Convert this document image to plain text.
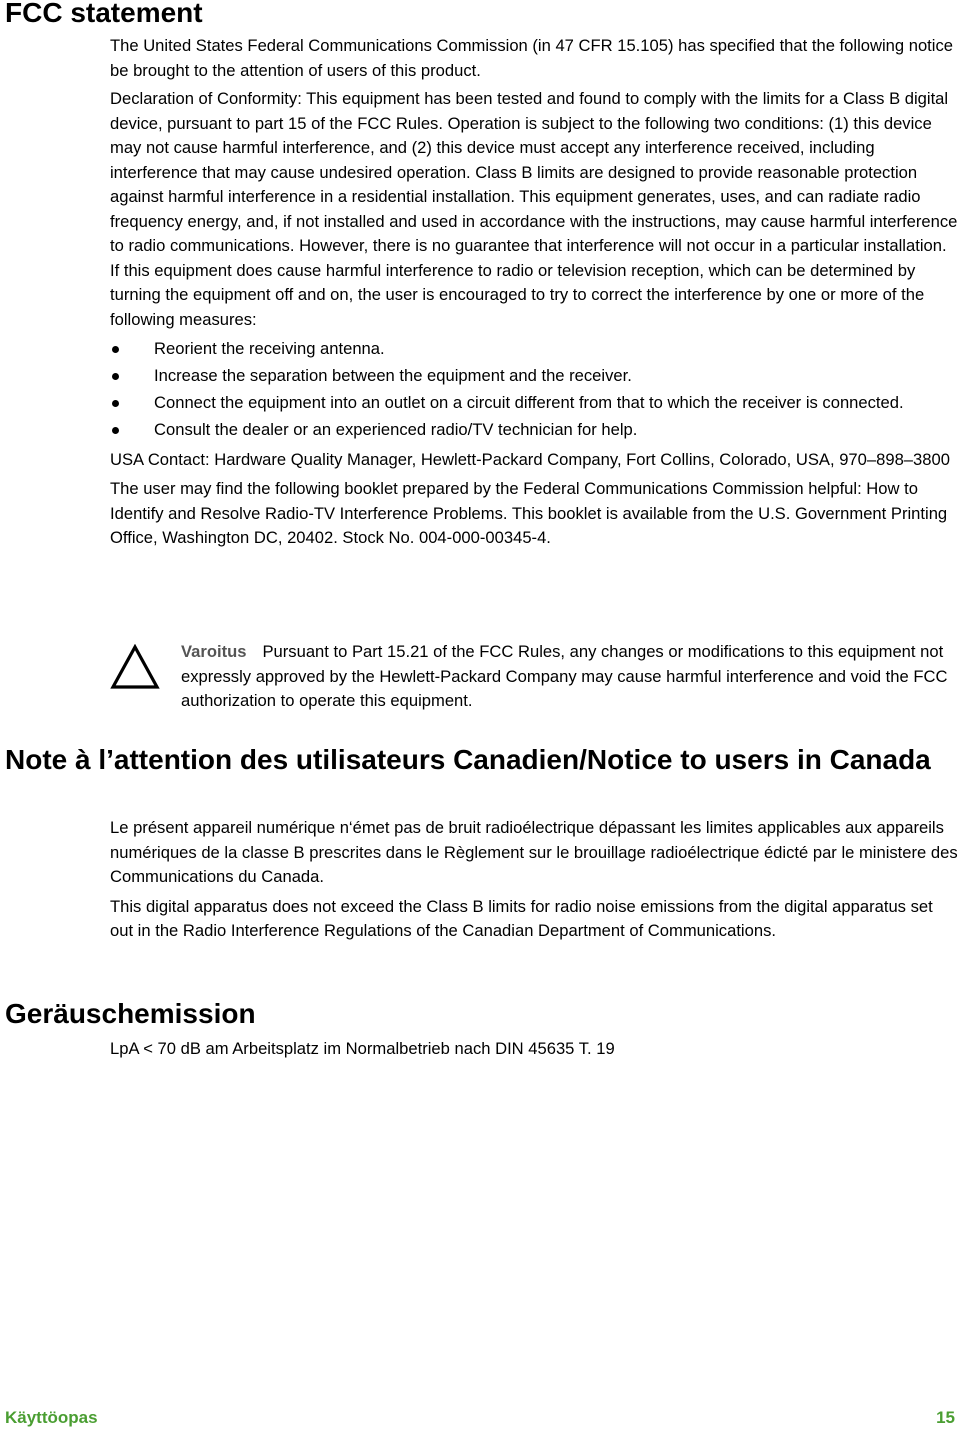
FCC statement

The United States Federal Communications Commission (in 47 CFR 15.105) has specified that the following notice be brought to the attention of users of this product.

Declaration of Conformity: This equipment has been tested and found to comply with the limits for a Class B digital device, pursuant to part 15 of the FCC Rules. Operation is subject to the following two conditions: (1) this device may not cause harmful interference, and (2) this device must accept any interference received, including interference that may cause undesired operation. Class B limits are designed to provide reasonable protection against harmful interference in a residential installation. This equipment generates, uses, and can radiate radio frequency energy, and, if not installed and used in accordance with the instructions, may cause harmful interference to radio communications. However, there is no guarantee that interference will not occur in a particular installation. If this equipment does cause harmful interference to radio or television reception, which can be determined by turning the equipment off and on, the user is encouraged to try to correct the interference by one or more of the following measures:

Reorient the receiving antenna.
Increase the separation between the equipment and the receiver.
Connect the equipment into an outlet on a circuit different from that to which the receiver is connected.
Consult the dealer or an experienced radio/TV technician for help.

USA Contact: Hardware Quality Manager, Hewlett-Packard Company, Fort Collins, Colorado, USA, 970–898–3800

The user may find the following booklet prepared by the Federal Communications Commission helpful: How to Identify and Resolve Radio-TV Interference Problems. This booklet is available from the U.S. Government Printing Office, Washington DC, 20402. Stock No. 004-000-00345-4.

Varoitus Pursuant to Part 15.21 of the FCC Rules, any changes or modifications to this equipment not expressly approved by the Hewlett-Packard Company may cause harmful interference and void the FCC authorization to operate this equipment.
Note à l’attention des utilisateurs Canadien/Notice to users in Canada

Le présent appareil numérique n‘émet pas de bruit radioélectrique dépassant les limites applicables aux appareils numériques de la classe B prescrites dans le Règlement sur le brouillage radioélectrique édicté par le ministere des Communications du Canada.

This digital apparatus does not exceed the Class B limits for radio noise emissions from the digital apparatus set out in the Radio Interference Regulations of the Canadian Department of Communications.

Geräuschemission

LpA < 70 dB am Arbeitsplatz im Normalbetrieb nach DIN 45635 T. 19

Käyttöopas	15
